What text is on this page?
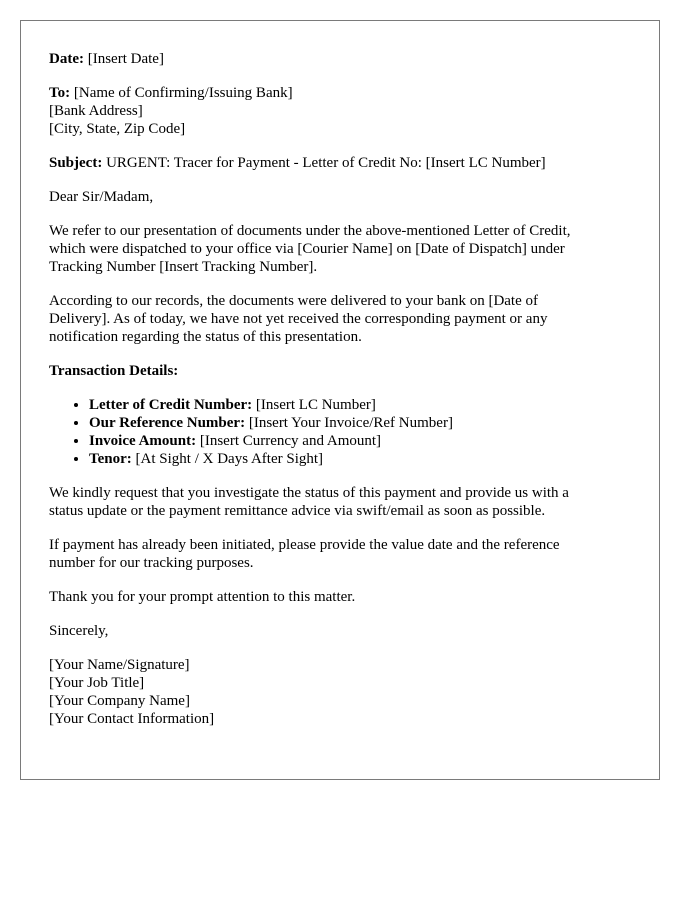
Date: [Insert Date]

To: [Name of Confirming/Issuing Bank]
[Bank Address]
[City, State, Zip Code]

Subject: URGENT: Tracer for Payment - Letter of Credit No: [Insert LC Number]

Dear Sir/Madam,

We refer to our presentation of documents under the above-mentioned Letter of Credit,
which were dispatched to your office via [Courier Name] on [Date of Dispatch] under
Tracking Number [Insert Tracking Number].

According to our records, the documents were delivered to your bank on [Date of
Delivery]. As of today, we have not yet received the corresponding payment or any
notification regarding the status of this presentation.

Transaction Details:

• Letter of Credit Number: [Insert LC Number]
• Our Reference Number: [Insert Your Invoice/Ref Number]
• Invoice Amount: [Insert Currency and Amount]
• Tenor: [At Sight / X Days After Sight]

We kindly request that you investigate the status of this payment and provide us with a
status update or the payment remittance advice via swift/email as soon as possible.

If payment has already been initiated, please provide the value date and the reference
number for our tracking purposes.

Thank you for your prompt attention to this matter.

Sincerely,

[Your Name/Signature]
[Your Job Title]
[Your Company Name]
[Your Contact Information]
